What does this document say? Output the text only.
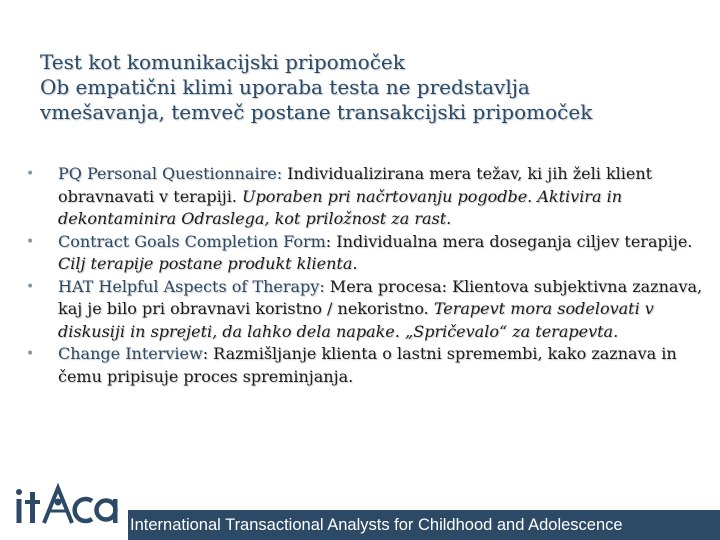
Test kot komunikacijski pripomoček
Ob empatični klimi uporaba testa ne predstavlja
vmešavanja, temveč postane transakcijski pripomoček
• PQ Personal Questionnaire: Individualizirana mera težav, ki jih želi klient obravnavati v terapiji. Uporaben pri načrtovanju pogodbe. Aktivira in dekontaminira Odraslega, kot priložnost za rast.
• Contract Goals Completion Form: Individualna mera doseganja ciljev terapije. Cilj terapije postane produkt klienta.
• HAT Helpful Aspects of Therapy: Mera procesa: Klientova subjektivna zaznava, kaj je bilo pri obravnavi koristno / nekoristno. Terapevt mora sodelovati v diskusiji in sprejeti, da lahko dela napake. „Spričevalo“ za terapevta.
• Change Interview: Razmišljanje klienta o lastni spremembi, kako zaznava in čemu pripisuje proces spreminjanja.
International Transactional Analysts for Childhood and Adolescence
